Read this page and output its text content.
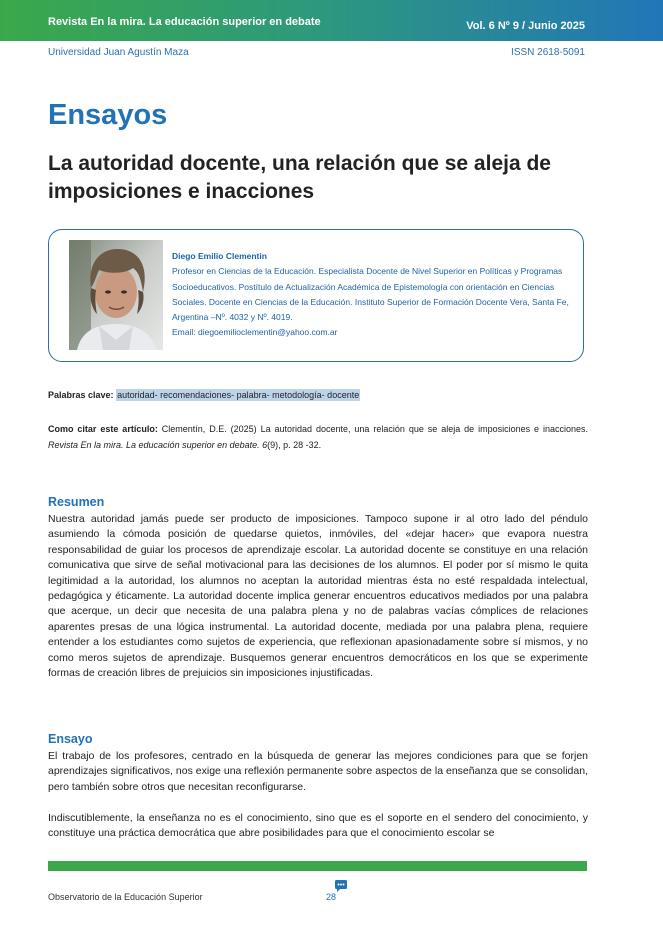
Revista En la mira. La educación superior en debate	Vol. 6 Nº 9 / Junio 2025
Universidad Juan Agustín Maza	ISSN 2618-5091
Ensayos
La autoridad docente, una relación que se aleja de imposiciones e inacciones
Diego Emilio Clementin
Profesor en Ciencias de la Educación. Especialista Docente de Nivel Superior en Políticas y Programas Socioeducativos. Postítulo de Actualización Académica de Epistemología con orientación en Ciencias Sociales. Docente en Ciencias de la Educación. Instituto Superior de Formación Docente Vera, Santa Fe, Argentina –Nº. 4032 y Nº. 4019.
Email: diegoemilioclementin@yahoo.com.ar
Palabras clave: autoridad- recomendaciones- palabra- metodología- docente
Como citar este artículo: Clementín, D.E. (2025) La autoridad docente, una relación que se aleja de imposiciones e inacciones. Revista En la mira. La educación superior en debate. 6(9), p. 28 -32.
Resumen
Nuestra autoridad jamás puede ser producto de imposiciones. Tampoco supone ir al otro lado del péndulo asumiendo la cómoda posición de quedarse quietos, inmóviles, del «dejar hacer» que evapora nuestra responsabilidad de guiar los procesos de aprendizaje escolar. La autoridad docente se constituye en una relación comunicativa que sirve de señal motivacional para las decisiones de los alumnos. El poder por sí mismo le quita legitimidad a la autoridad, los alumnos no aceptan la autoridad mientras ésta no esté respaldada intelectual, pedagógica y éticamente. La autoridad docente implica generar encuentros educativos mediados por una palabra que acerque, un decir que necesita de una palabra plena y no de palabras vacías cómplices de relaciones aparentes presas de una lógica instrumental. La autoridad docente, mediada por una palabra plena, requiere entender a los estudiantes como sujetos de experiencia, que reflexionan apasionadamente sobre sí mismos, y no como meros sujetos de aprendizaje. Busquemos generar encuentros democráticos en los que se experimente formas de creación libres de prejuicios sin imposiciones injustificadas.
Ensayo
El trabajo de los profesores, centrado en la búsqueda de generar las mejores condiciones para que se forjen aprendizajes significativos, nos exige una reflexión permanente sobre aspectos de la enseñanza que se consolidan, pero también sobre otros que necesitan reconfigurarse.
Indiscutiblemente, la enseñanza no es el conocimiento, sino que es el soporte en el sendero del conocimiento, y constituye una práctica democrática que abre posibilidades para que el conocimiento escolar se
Observatorio de la Educación Superior	28
